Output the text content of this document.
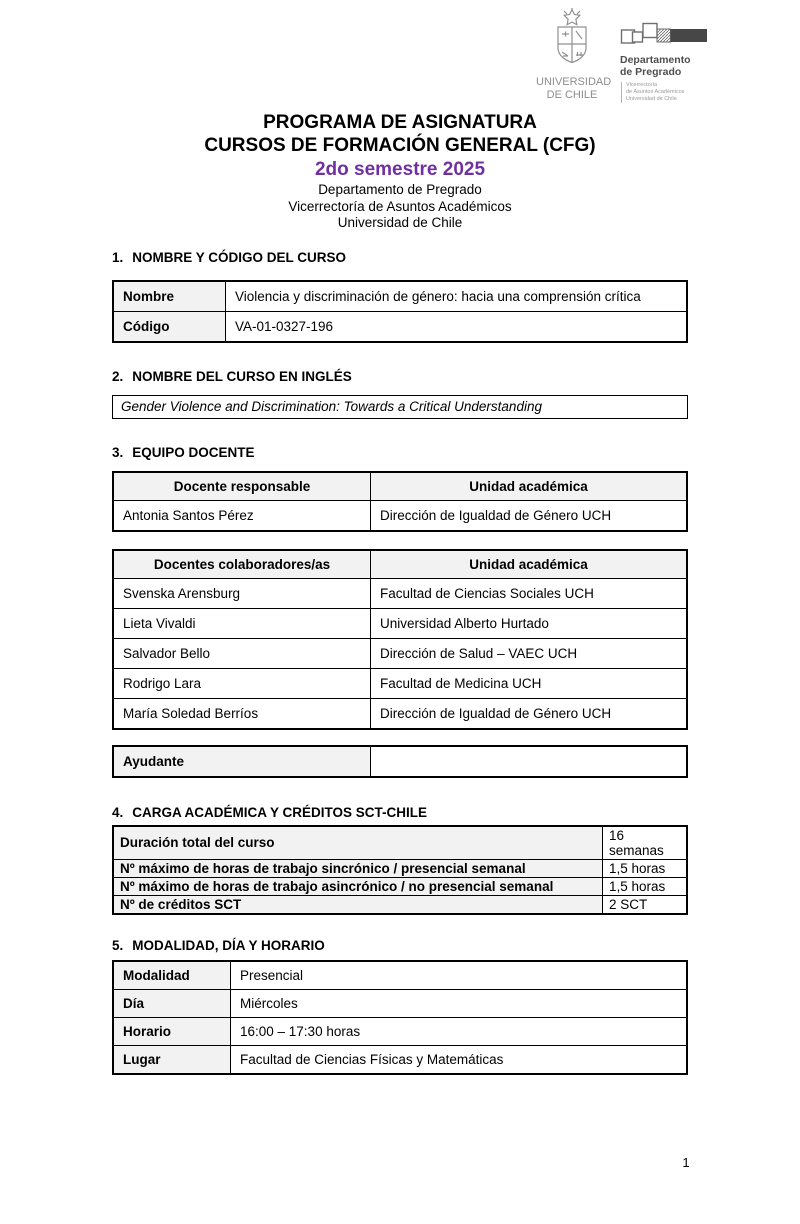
UNIVERSIDAD
DE CHILE
Departamento
de Pregrado
Vicerrectoría
de Asuntos Académicos
Universidad de Chile
PROGRAMA DE ASIGNATURA
CURSOS DE FORMACIÓN GENERAL (CFG)
2do semestre 2025
Departamento de Pregrado
Vicerrectoría de Asuntos Académicos
Universidad de Chile
1. NOMBRE Y CÓDIGO DEL CURSO
Nombre	Violencia y discriminación de género: hacia una comprensión crítica
Código	VA-01-0327-196
2. NOMBRE DEL CURSO EN INGLÉS
Gender Violence and Discrimination: Towards a Critical Understanding
3. EQUIPO DOCENTE
Docente responsable	Unidad académica
Antonia Santos Pérez	Dirección de Igualdad de Género UCH
Docentes colaboradores/as	Unidad académica
Svenska Arensburg	Facultad de Ciencias Sociales UCH
Lieta Vivaldi	Universidad Alberto Hurtado
Salvador Bello	Dirección de Salud – VAEC UCH
Rodrigo Lara	Facultad de Medicina UCH
María Soledad Berríos	Dirección de Igualdad de Género UCH
Ayudante	
4. CARGA ACADÉMICA Y CRÉDITOS SCT-CHILE
Duración total del curso	16 semanas
Nº máximo de horas de trabajo sincrónico / presencial semanal	1,5 horas
Nº máximo de horas de trabajo asincrónico / no presencial semanal	1,5 horas
Nº de créditos SCT	2 SCT
5. MODALIDAD, DÍA Y HORARIO
Modalidad	Presencial
Día	Miércoles
Horario	16:00 – 17:30 horas
Lugar	Facultad de Ciencias Físicas y Matemáticas
1
